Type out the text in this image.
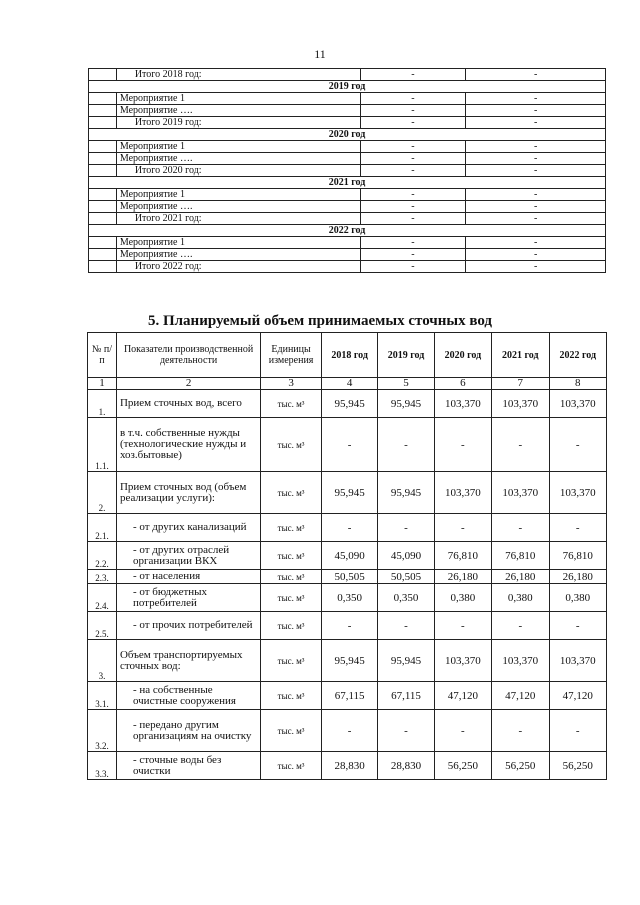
11
	Итого 2018 год:	-	-
2019 год			
	Мероприятие 1	-	-
	Мероприятие ….	-	-
	Итого 2019 год:	-	-
2020 год			
	Мероприятие 1	-	-
	Мероприятие ….	-	-
	Итого 2020 год:	-	-
2021 год			
	Мероприятие 1	-	-
	Мероприятие ….	-	-
	Итого 2021 год:	-	-
2022 год			
	Мероприятие 1	-	-
	Мероприятие ….	-	-
	Итого 2022 год:	-	-
5. Планируемый объем принимаемых сточных вод
№ п/п	Показатели производственной деятельности	Единицы измерения	2018 год	2019 год	2020 год	2021 год	2022 год
1	2	3	4	5	6	7	8
1.	Прием сточных вод, всего	тыс. м³	95,945	95,945	103,370	103,370	103,370
1.1.	в т.ч. собственные нужды (технологические нужды и хоз.бытовые)	тыс. м³	-	-	-	-	-
2.	Прием сточных вод (объем реализации услуги):	тыс. м³	95,945	95,945	103,370	103,370	103,370
2.1.	- от других канализаций	тыс. м³	-	-	-	-	-
2.2.	- от других отраслей организации ВКХ	тыс. м³	45,090	45,090	76,810	76,810	76,810
2.3.	- от населения	тыс. м³	50,505	50,505	26,180	26,180	26,180
2.4.	- от бюджетных потребителей	тыс. м³	0,350	0,350	0,380	0,380	0,380
2.5.	- от прочих потребителей	тыс. м³	-	-	-	-	-
3.	Объем транспортируемых сточных вод:	тыс. м³	95,945	95,945	103,370	103,370	103,370
3.1.	- на собственные очистные сооружения	тыс. м³	67,115	67,115	47,120	47,120	47,120
3.2.	- передано другим организациям на очистку	тыс. м³	-	-	-	-	-
3.3.	- сточные воды без очистки	тыс. м³	28,830	28,830	56,250	56,250	56,250
